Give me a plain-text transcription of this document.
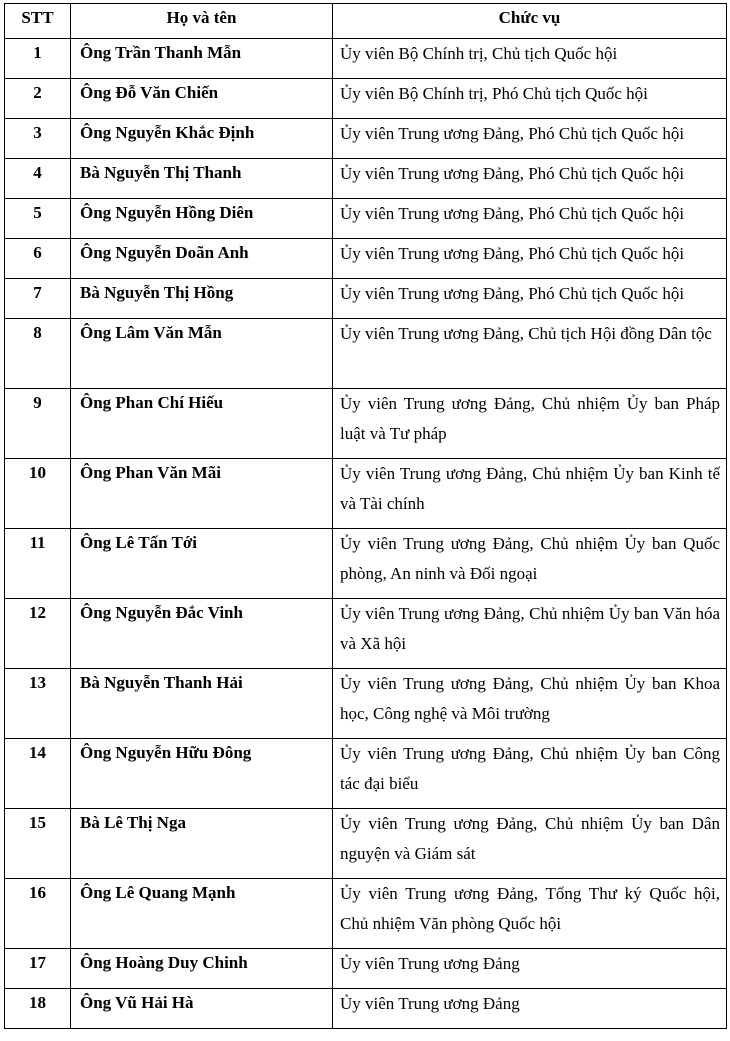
STT	Họ và tên	Chức vụ
1	Ông Trần Thanh Mẫn	Ủy viên Bộ Chính trị, Chủ tịch Quốc hội
2	Ông Đỗ Văn Chiến	Ủy viên Bộ Chính trị, Phó Chủ tịch Quốc hội
3	Ông Nguyễn Khắc Định	Ủy viên Trung ương Đảng, Phó Chủ tịch Quốc hội
4	Bà Nguyễn Thị Thanh	Ủy viên Trung ương Đảng, Phó Chủ tịch Quốc hội
5	Ông Nguyễn Hồng Diên	Ủy viên Trung ương Đảng, Phó Chủ tịch Quốc hội
6	Ông Nguyễn Doãn Anh	Ủy viên Trung ương Đảng, Phó Chủ tịch Quốc hội
7	Bà Nguyễn Thị Hồng	Ủy viên Trung ương Đảng, Phó Chủ tịch Quốc hội
8	Ông Lâm Văn Mẫn	Ủy viên Trung ương Đảng, Chủ tịch Hội đồng Dân tộc
9	Ông Phan Chí Hiếu	Ủy viên Trung ương Đảng, Chủ nhiệm Ủy ban Pháp luật và Tư pháp
10	Ông Phan Văn Mãi	Ủy viên Trung ương Đảng, Chủ nhiệm Ủy ban Kinh tế và Tài chính
11	Ông Lê Tấn Tới	Ủy viên Trung ương Đảng, Chủ nhiệm Ủy ban Quốc phòng, An ninh và Đối ngoại
12	Ông Nguyễn Đắc Vinh	Ủy viên Trung ương Đảng, Chủ nhiệm Ủy ban Văn hóa và Xã hội
13	Bà Nguyễn Thanh Hải	Ủy viên Trung ương Đảng, Chủ nhiệm Ủy ban Khoa học, Công nghệ và Môi trường
14	Ông Nguyễn Hữu Đông	Ủy viên Trung ương Đảng, Chủ nhiệm Ủy ban Công tác đại biểu
15	Bà Lê Thị Nga	Ủy viên Trung ương Đảng, Chủ nhiệm Ủy ban Dân nguyện và Giám sát
16	Ông Lê Quang Mạnh	Ủy viên Trung ương Đảng, Tổng Thư ký Quốc hội, Chủ nhiệm Văn phòng Quốc hội
17	Ông Hoàng Duy Chinh	Ủy viên Trung ương Đảng
18	Ông Vũ Hải Hà	Ủy viên Trung ương Đảng
